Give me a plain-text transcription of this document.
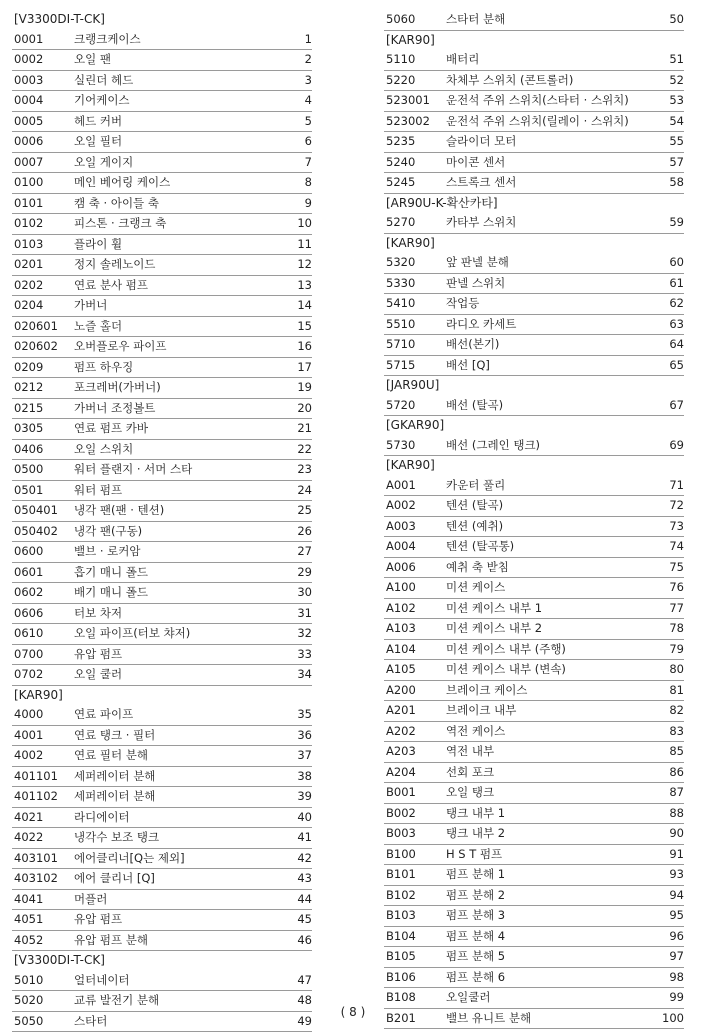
[V3300DI-T-CK]
0001	크랭크케이스	1
0002	오일 팬	2
0003	실린더 헤드	3
0004	기어케이스	4
0005	헤드 커버	5
0006	오일 필터	6
0007	오일 게이지	7
0100	메인 베어링 케이스	8
0101	캠 축 · 아이들 축	9
0102	피스톤 · 크랭크 축	10
0103	플라이 휠	11
0201	정지 솔레노이드	12
0202	연료 분사 펌프	13
0204	가버너	14
020601 노즐 홀더	15
020602 오버플로우 파이프	16
0209	펌프 하우징	17
0212	포크레버(가버너)	19
0215	가버너 조정볼트	20
0305	연료 펌프 카바	21
0406	오일 스위치	22
0500	워터 플랜지 · 서머 스타	23
0501	워터 펌프	24
050401 냉각 팬(팬 · 텐션)	25
050402 냉각 팬(구동)	26
0600	밸브 · 로커암	27
0601	흡기 매니 폴드	29
0602	배기 매니 폴드	30
0606	터보 차저	31
0610	오일 파이프(터보 챠저)	32
0700	유압 펌프	33
0702	오일 쿨러	34
[KAR90]
4000	연료 파이프	35
4001	연료 탱크 · 필터	36
4002	연료 필터 분해	37
401101 세퍼레이터 분해	38
401102 세퍼레이터 분해	39
4021	라디에이터	40
4022	냉각수 보조 탱크	41
403101 에어클리너[Q는 제외]	42
403102 에어 클리너 [Q]	43
4041	머플러	44
4051	유압 펌프	45
4052	유압 펌프 분해	46
[V3300DI-T-CK]
5010	얼터네이터	47
5020	교류 발전기 분해	48
5050	스타터	49
5060	스타터 분해	50
[KAR90]
5110	배터리	51
5220	차체부 스위치 (콘트롤러)	52
523001 운전석 주위 스위치(스타터 · 스위치)	53
523002 운전석 주위 스위치(릴레이 · 스위치)	54
5235	슬라이더 모터	55
5240	마이콘 센서	57
5245	스트록크 센서	58
[AR90U-K-확산카타]
5270	카타부 스위치	59
[KAR90]
5320	앞 판넬 분해	60
5330	판넬 스위치	61
5410	작업등	62
5510	라디오 카세트	63
5710	배선(본기)	64
5715	배선 [Q]	65
[JAR90U]
5720	배선 (탈곡)	67
[GKAR90]
5730	배선 (그레인 탱크)	69
[KAR90]
A001	카운터 풀리	71
A002	텐션 (탈곡)	72
A003	텐션 (예취)	73
A004	텐션 (탈곡통)	74
A006	예취 축 받침	75
A100	미션 케이스	76
A102	미션 케이스 내부 1	77
A103	미션 케이스 내부 2	78
A104	미션 케이스 내부 (주행)	79
A105	미션 케이스 내부 (변속)	80
A200	브레이크 케이스	81
A201	브레이크 내부	82
A202	역전 케이스	83
A203	역전 내부	85
A204	선회 포크	86
B001	오일 탱크	87
B002	탱크 내부 1	88
B003	탱크 내부 2	90
B100	H S T 펌프	91
B101	펌프 분해 1	93
B102	펌프 분해 2	94
B103	펌프 분해 3	95
B104	펌프 분해 4	96
B105	펌프 분해 5	97
B106	펌프 분해 6	98
B108	오일쿨러	99
B201	밸브 유니트 분해	100
( 8 )
